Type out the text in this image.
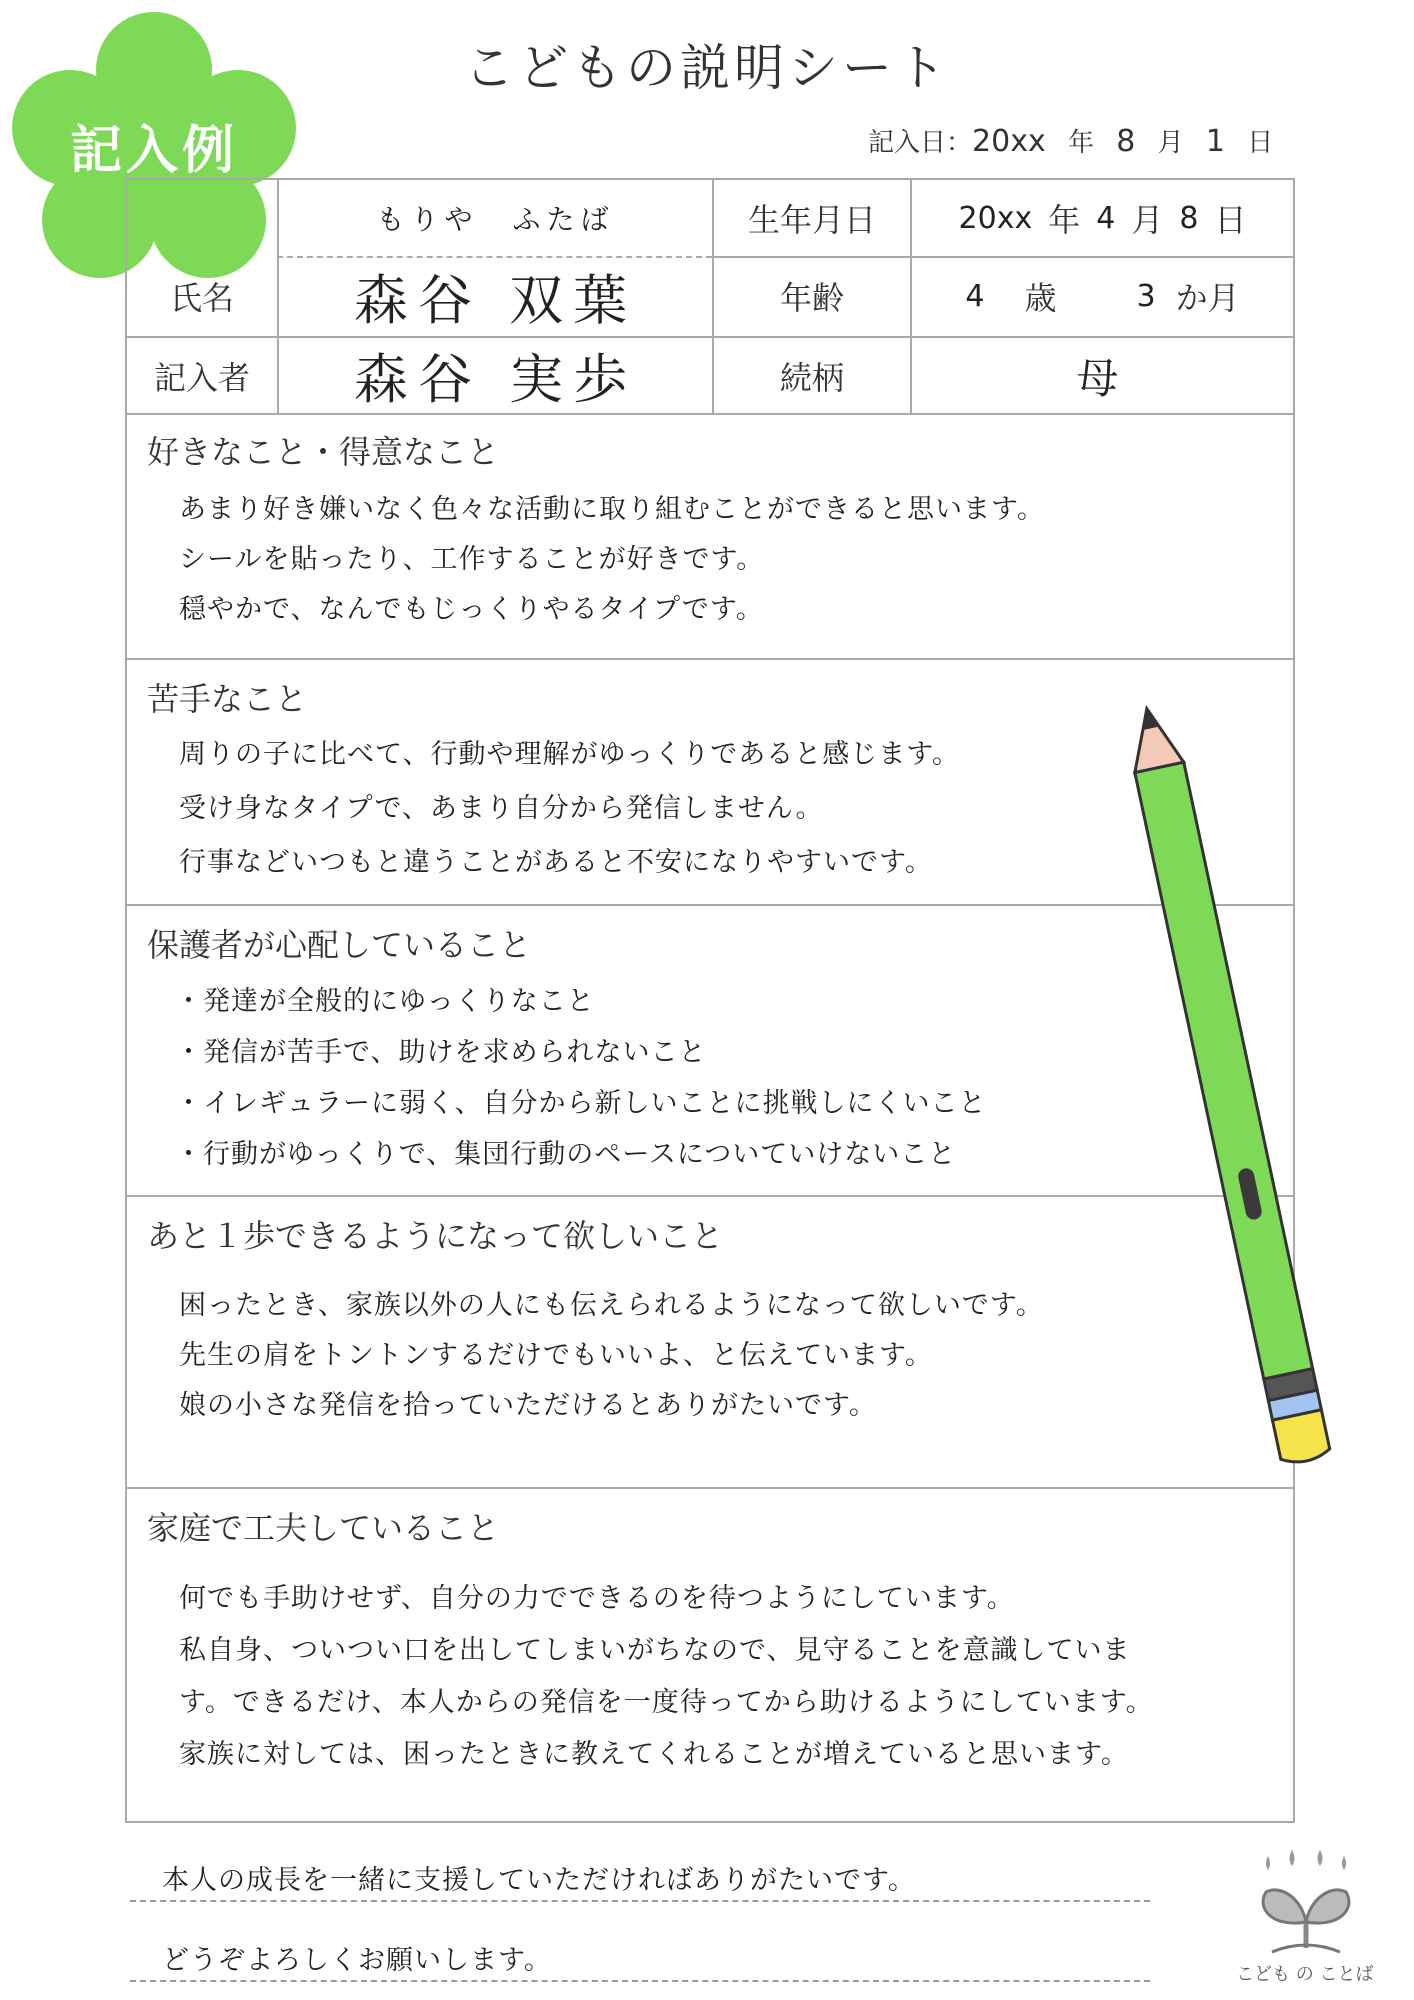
記入例
こどもの説明シート
記入日：20xx 年 8 月 1 日
もりや　ふたば
氏名	森谷 双葉
記入者	森谷 実歩
生年月日	20xx 年 4 月 8 日
年齢	4 歳	3 か月
続柄	母
好きなこと・得意なこと
あまり好き嫌いなく色々な活動に取り組むことができると思います。
シールを貼ったり、工作することが好きです。
穏やかで、なんでもじっくりやるタイプです。
苦手なこと
周りの子に比べて、行動や理解がゆっくりであると感じます。
受け身なタイプで、あまり自分から発信しません。
行事などいつもと違うことがあると不安になりやすいです。
保護者が心配していること
・発達が全般的にゆっくりなこと
・発信が苦手で、助けを求められないこと
・イレギュラーに弱く、自分から新しいことに挑戦しにくいこと
・行動がゆっくりで、集団行動のペースについていけないこと
あと１歩できるようになって欲しいこと
困ったとき、家族以外の人にも伝えられるようになって欲しいです。
先生の肩をトントンするだけでもいいよ、と伝えています。
娘の小さな発信を拾っていただけるとありがたいです。
家庭で工夫していること
何でも手助けせず、自分の力でできるのを待つようにしています。
私自身、ついつい口を出してしまいがちなので、見守ることを意識していま
す。できるだけ、本人からの発信を一度待ってから助けるようにしています。
家族に対しては、困ったときに教えてくれることが増えていると思います。
本人の成長を一緒に支援していただければありがたいです。
どうぞよろしくお願いします。	こども の ことば
